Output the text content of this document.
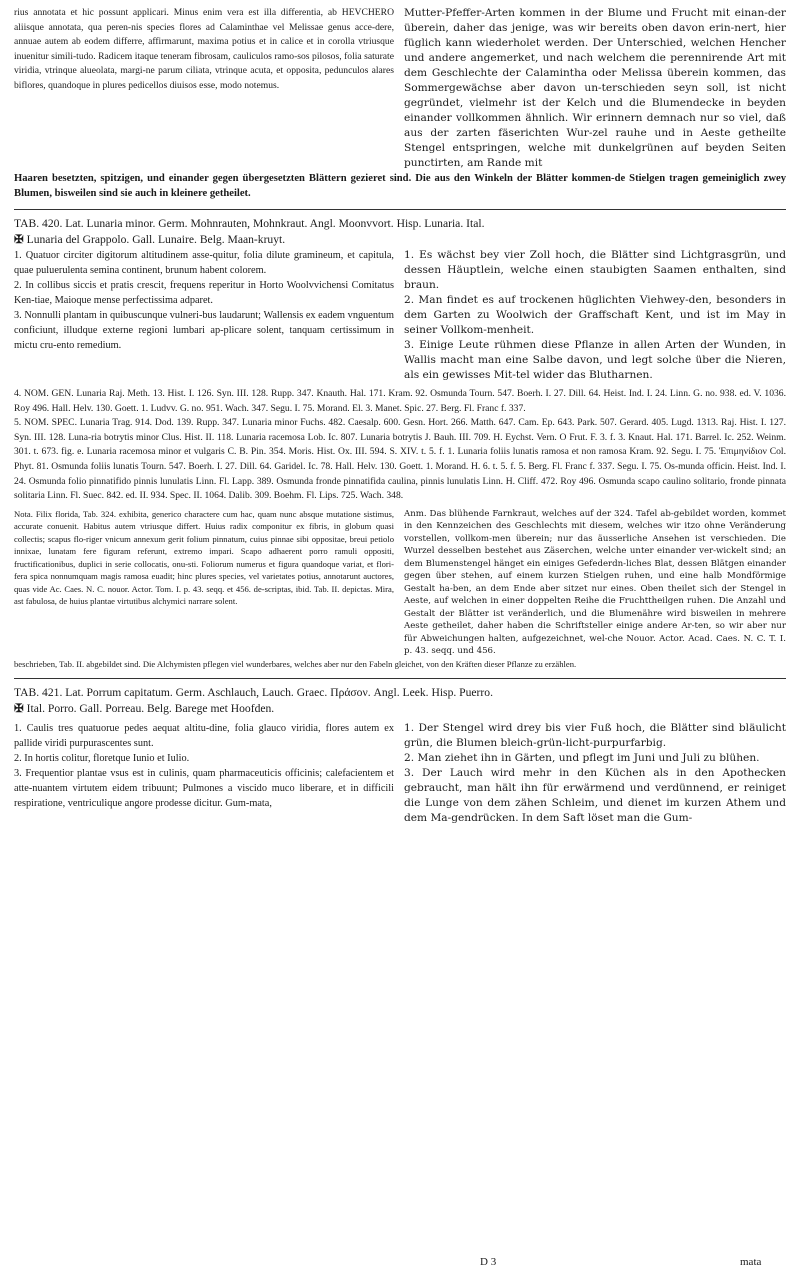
rius annotata et hic possunt applicari. Minus enim vera est illa differentia, ab HEVCHERO aliisque annotata, qua peren-nis species flores ad Calaminthae vel Melissae genus acce-dere, annuae autem ab eodem differre, affirmarunt, maxima potius et in calice et in corolla vtriusque inuenitur simili-tudo. Radicem itaque teneram fibrosam, cauliculos ramo-sos pilosos, folia saturate viridia, vtrinque alueolata, margi-ne parum ciliata, vtrinque acuta, et opposita, pedunculos alares biflores, quandoque in plures pedicellos diuisos esse, modo notemus.

Mutter-Pfeffer-Arten kommen in der Blume und Frucht mit einan-der überein, daher das jenige, was wir bereits oben davon erin-nert, hier füglich kann wiederholet werden. Der Unterschied, welchen Hencher und andere angemerket, und nach welchem die perennirende Art mit dem Geschlechte der Calamintha oder Melissa überein kommen, das Sommergewächse aber davon un-terschieden seyn soll, ist nicht gegründet, vielmehr ist der Kelch und die Blumendecke in beyden einander vollkommen ähnlich. Wir erinnern demnach nur so viel, daß aus der zarten fäserichten Wur-zel rauhe und in Aeste getheilte Stengel entspringen, welche mit dunkelgrünen auf beyden Seiten punctirten, am Rande mit

Haaren besetzten, spitzigen, und einander gegen übergesetzten Blättern gezieret sind. Die aus den Winkeln der Blätter kommen-de Stielgen tragen gemeiniglich zwey Blumen, bisweilen sind sie auch in kleinere getheilet.

TAB. 420. Lat. Lunaria minor. Germ. Mohnrauten, Mohnkraut. Angl. Moonvvort. Hisp. Lunaria. Ital.

✠ Lunaria del Grappolo. Gall. Lunaire. Belg. Maan-kruyt.

1. Quatuor circiter digitorum altitudinem asse-quitur, folia dilute gramineum, et capitula, quae puluerulenta semina continent, brunum habent colorem.

2. In collibus siccis et pratis crescit, frequens reperitur in Horto Woolvvichensi Comitatus Ken-tiae, Maioque mense perfectissima adparet.

3. Nonnulli plantam in quibuscunque vulneri-bus laudarunt; Wallensis ex eadem vnguentum conficiunt, illudque externe regioni lumbari ap-plicare solent, tanquam certissimum in mictu cru-ento remedium.

1. Es wächst bey vier Zoll hoch, die Blätter sind Lichtgrasgrün, und dessen Häuptlein, welche einen staubigten Saamen enthalten, sind braun.

2. Man findet es auf trockenen hüglichten Viehwey-den, besonders in dem Garten zu Woolwich der Graffschaft Kent, und ist im May in seiner Vollkom-menheit.

3. Einige Leute rühmen diese Pflanze in allen Arten der Wunden, in Wallis macht man eine Salbe davon, und legt solche über die Nieren, als ein gewisses Mit-tel wider das Blutharnen.

4. NOM. GEN. Lunaria Raj. Meth. 13. Hist. I. 126. Syn. III. 128. Rupp. 347. Knauth. Hal. 171. Kram. 92. Osmunda Tourn. 547. Boerh. I. 27. Dill. 64. Heist. Ind. I. 24. Linn. G. no. 938. ed. V. 1036. Roy 496. Hall. Helv. 130. Goett. 1. Ludvv. G. no. 951. Wach. 347. Segu. I. 75. Morand. El. 3. Manet. Spic. 27. Berg. Fl. Franc f. 337.

5. NOM. SPEC. Lunaria Trag. 914. Dod. 139. Rupp. 347. Lunaria minor Fuchs. 482. Caesalp. 600. Gesn. Hort. 266. Matth. 647. Cam. Ep. 643. Park. 507. Gerard. 405. Lugd. 1313. Raj. Hist. I. 127. Syn. III. 128. Luna-ria botrytis minor Clus. Hist. II. 118. Lunaria racemosa Lob. Ic. 807. Lunaria botrytis J. Bauh. III. 709. H. Eychst. Vern. O Frut. F. 3. f. 3. Knaut. Hal. 171. Barrel. Ic. 252. Weinm. 301. t. 673. fig. e. Lunaria racemosa minor et vulgaris C. B. Pin. 354. Moris. Hist. Ox. III. 594. S. XIV. t. 5. f. 1. Lunaria foliis lunatis ramosa et non ramosa Kram. 92. Segu. I. 75. Ἐπιμηνίδιον Col. Phyt. 81. Osmunda foliis lunatis Tourn. 547. Boerh. I. 27. Dill. 64. Garidel. Ic. 78. Hall. Helv. 130. Goett. 1. Morand. H. 6. t. 5. f. 5. Berg. Fl. Franc f. 337. Segu. I. 75. Os-munda officin. Heist. Ind. I. 24. Osmunda folio pinnatifido pinnis lunulatis Linn. Fl. Lapp. 389. Osmunda fronde pinnatifida caulina, pinnis lunulatis Linn. H. Cliff. 472. Roy 496. Osmunda scapo caulino solitario, fronde pinnata solitaria Linn. Fl. Suec. 842. ed. II. 934. Spec. II. 1064. Dalib. 309. Boehm. Fl. Lips. 725. Wach. 348.

Nota. Filix florida, Tab. 324. exhibita, generico charactere cum hac, quam nunc absque mutatione sistimus, accurate conuenit. Habitus autem vtriusque differt. Huius radix componitur ex fibris, in globum quasi collectis; scapus flo-riger vnicum annexum gerit folium pinnatum, cuius pinnae sibi oppositae, breui petiolo innixae, lunatam fere figuram referunt, extremo impari. Scapo adhaerent porro ramuli oppositi, fructificationibus, duplici in serie collocatis, onu-sti. Foliorum numerus et figura quandoque variat, et flori-fera spica nonnumquam magis ramosa euadit; hinc plures species, vel varietates potius, annotarunt auctores, quas vide Ac. Caes. N. C. nouor. Actor. Tom. I. p. 43. seqq. et 456. de-scriptas, ibid. Tab. II. depictas. Mira, ast fabulosa, de huius plantae virtutibus alchymici narrare solent.

Anm. Das blühende Farnkraut, welches auf der 324. Tafel ab-gebildet worden, kommet in den Kennzeichen des Geschlechts mit diesem, welches wir itzo ohne Veränderung vorstellen, vollkom-men überein; nur das äusserliche Ansehen ist verschieden. Die Wurzel desselben bestehet aus Zäserchen, welche unter einander ver-wickelt sind; an dem Blumenstengel hänget ein einiges Gefederdn-liches Blat, dessen Blätgen einander gegen über stehen, auf einem kurzen Stielgen ruhen, und eine halb Mondförmige Gestalt ha-ben, an dem Ende aber sitzet nur eines. Oben theilet sich der Stengel in Aeste, auf welchen in einer doppelten Reihe die Fruchttheilgen ruhen. Die Anzahl und Gestalt der Blätter ist veränderlich, und die Blumenähre wird bisweilen in mehrere Aeste getheilet, daher haben die Schriftsteller einige andere Ar-ten, so wir aber nur für Abweichungen halten, aufgezeichnet, wel-che Nouor. Actor. Acad. Caes. N. C. T. I. p. 43. seqq. und 456.

beschrieben, Tab. II. abgebildet sind. Die Alchymisten pflegen viel wunderbares, welches aber nur den Fabeln gleichet, von den Kräften dieser Pflanze zu erzählen.

TAB. 421. Lat. Porrum capitatum. Germ. Aschlauch, Lauch. Graec. Πράσον. Angl. Leek. Hisp. Puerro.

✠ Ital. Porro. Gall. Porreau. Belg. Barege met Hoofden.

1. Caulis tres quatuorue pedes aequat altitu-dine, folia glauco viridia, flores autem ex pallide viridi purpurascentes sunt.

2. In hortis colitur, floretque Iunio et Iulio.

3. Frequentior plantae vsus est in culinis, quam pharmaceuticis officinis; calefacientem et atte-nuantem virtutem eidem tribuunt; Pulmones a viscido muco liberare, et in difficili respiratione, ventriculique angore prodesse dicitur. Gum-mata,

1. Der Stengel wird drey bis vier Fuß hoch, die Blätter sind bläulicht grün, die Blumen bleich-grün-licht-purpurfarbig.

2. Man ziehet ihn in Gärten, und pflegt im Juni und Juli zu blühen.

3. Der Lauch wird mehr in den Küchen als in den Apothecken gebraucht, man hält ihn für erwärmend und verdünnend, er reiniget die Lunge von dem zähen Schleim, und dienet im kurzen Athem und dem Ma-gendrücken. In dem Saft löset man die Gum-

D 3	mata
